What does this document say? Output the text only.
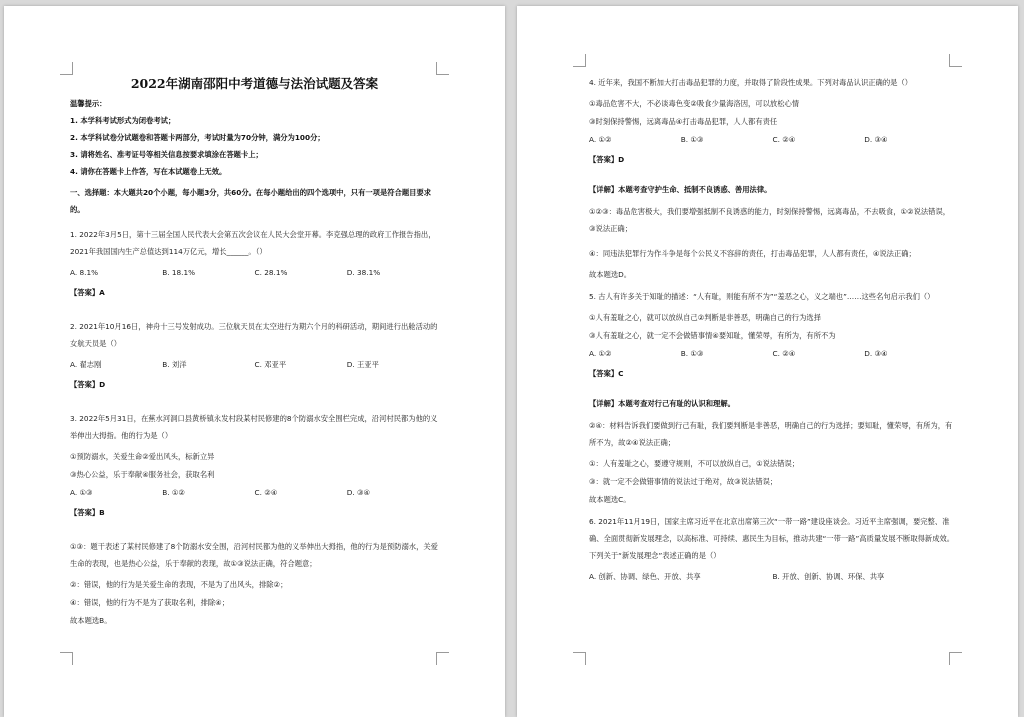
2022年湖南邵阳中考道德与法治试题及答案
温馨提示：
1. 本学科考试形式为闭卷考试；
2. 本学科试卷分试题卷和答题卡两部分，考试时量为70分钟，满分为100分；
3. 请将姓名、准考证号等相关信息按要求填涂在答题卡上；
4. 请你在答题卡上作答，写在本试题卷上无效。
一、选择题：本大题共20个小题，每小题3分，共60分。在每小题给出的四个选项中，只有一项是符合题目要求的。
1. 2022年3月5日，第十三届全国人民代表大会第五次会议在人民大会堂开幕。李克强总理的政府工作报告指出，2021年我国国内生产总值达到114万亿元，增长______。（）
A. 8.1%	B. 18.1%	C. 28.1%	D. 38.1%
【答案】A
2. 2021年10月16日，神舟十三号发射成功。三位航天员在太空进行为期六个月的科研活动，期间进行出舱活动的女航天员是（）
A. 翟志刚	B. 刘洋	C. 邓亚平	D. 王亚平
【答案】D
3. 2022年5月31日，在蕉水河洞口县黄桥镇永发村段某村民修建的8个防溺水安全围栏完成，沿河村民都为他的义举伸出大拇指。他的行为是（）
①预防溺水，关爱生命②爱出风头，标新立异
③热心公益，乐于奉献④服务社会，获取名利
A. ①③	B. ①②	C. ②④	D. ③④
【答案】B
①③：题干表述了某村民修建了8个防溺水安全围，沿河村民都为他的义举伸出大拇指，他的行为是预防溺水，关爱生命的表现，也是热心公益，乐于奉献的表现，故①③说法正确，符合题意；
②：错误，他的行为是关爱生命的表现，不是为了出风头，排除②；
④：错误，他的行为不是为了获取名利，排除④；
故本题选B。
4. 近年来，我国不断加大打击毒品犯罪的力度，并取得了阶段性成果。下列对毒品认识正确的是（）
①毒品危害不大，不必谈毒色变②吸食少量海洛因，可以放松心情
③时刻保持警惕，远离毒品④打击毒品犯罪，人人都有责任
A. ①②	B. ①③	C. ②④	D. ③④
【答案】D
【详解】本题考查守护生命、抵制不良诱惑、善用法律。
①②③：毒品危害极大，我们要增强抵制不良诱惑的能力，时刻保持警惕，远离毒品，不去吸食，①②说法错误，③说法正确；
④：同违法犯罪行为作斗争是每个公民义不容辞的责任，打击毒品犯罪，人人都有责任，④说法正确；
故本题选D。
5. 古人有许多关于知耻的描述：“人有耻，则能有所不为”“羞恶之心，义之端也”……这些名句启示我们（）
①人有羞耻之心，就可以放纵自己②判断是非善恶，明确自己的行为选择
③人有羞耻之心，就一定不会做错事情④要知耻，懂荣辱，有所为，有所不为
A. ①②	B. ①③	C. ②④	D. ③④
【答案】C
【详解】本题考查对行己有耻的认识和理解。
②④：材料告诉我们要做到行己有耻，我们要判断是非善恶，明确自己的行为选择；要知耻，懂荣辱，有所为，有所不为，故②④说法正确；
①：人有羞耻之心，要遵守规则，不可以放纵自己，①说法错误；
③：就一定不会做错事情的说法过于绝对，故③说法错误；
故本题选C。
6. 2021年11月19日，国家主席习近平在北京出席第三次“一带一路”建设座谈会。习近平主席强调，要完整、准确、全面贯彻新发展理念，以高标准、可持续、惠民生为目标，推动共建“一带一路”高质量发展不断取得新成效。下列关于“新发展理念”表述正确的是（）
A. 创新、协调、绿色、开放、共享	B. 开放、创新、协调、环保、共享
